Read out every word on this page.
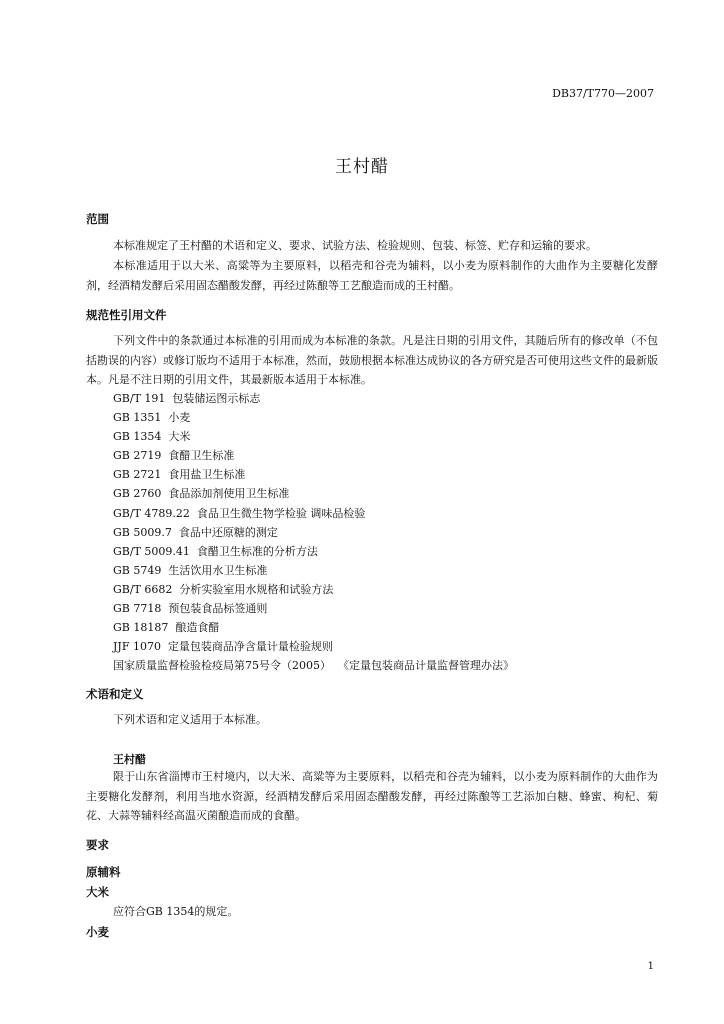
DB37/T770—2007
王村醋
范围

本标准规定了王村醋的术语和定义、要求、试验方法、检验规则、包装、标签、贮存和运输的要求。

本标准适用于以大米、高粱等为主要原料，以稻壳和谷壳为辅料，以小麦为原料制作的大曲作为主要糖化发酵剂，经酒精发酵后采用固态醋酸发酵，再经过陈酿等工艺酿造而成的王村醋。

规范性引用文件

下列文件中的条款通过本标准的引用而成为本标准的条款。凡是注日期的引用文件，其随后所有的修改单（不包括勘误的内容）或修订版均不适用于本标准，然而，鼓励根据本标准达成协议的各方研究是否可使用这些文件的最新版本。凡是不注日期的引用文件，其最新版本适用于本标准。

GB/T 191  包装储运图示标志
GB 1351  小麦
GB 1354  大米
GB 2719  食醋卫生标准
GB 2721  食用盐卫生标准
GB 2760  食品添加剂使用卫生标准
GB/T 4789.22  食品卫生微生物学检验 调味品检验
GB 5009.7  食品中还原糖的测定
GB/T 5009.41  食醋卫生标准的分析方法
GB 5749  生活饮用水卫生标准
GB/T 6682  分析实验室用水规格和试验方法
GB 7718  预包装食品标签通则
GB 18187  酿造食醋
JJF 1070  定量包装商品净含量计量检验规则
国家质量监督检验检疫局第75号令（2005）  《定量包装商品计量监督管理办法》
术语和定义

下列术语和定义适用于本标准。

王村醋

限于山东省淄博市王村境内，以大米、高粱等为主要原料，以稻壳和谷壳为辅料，以小麦为原料制作的大曲作为主要糖化发酵剂，利用当地水资源，经酒精发酵后采用固态醋酸发酵，再经过陈酿等工艺添加白糖、蜂蜜、枸杞、菊花、大蒜等辅料经高温灭菌酿造而成的食醋。

要求
原辅料
大米

应符合GB 1354的规定。

小麦
1
